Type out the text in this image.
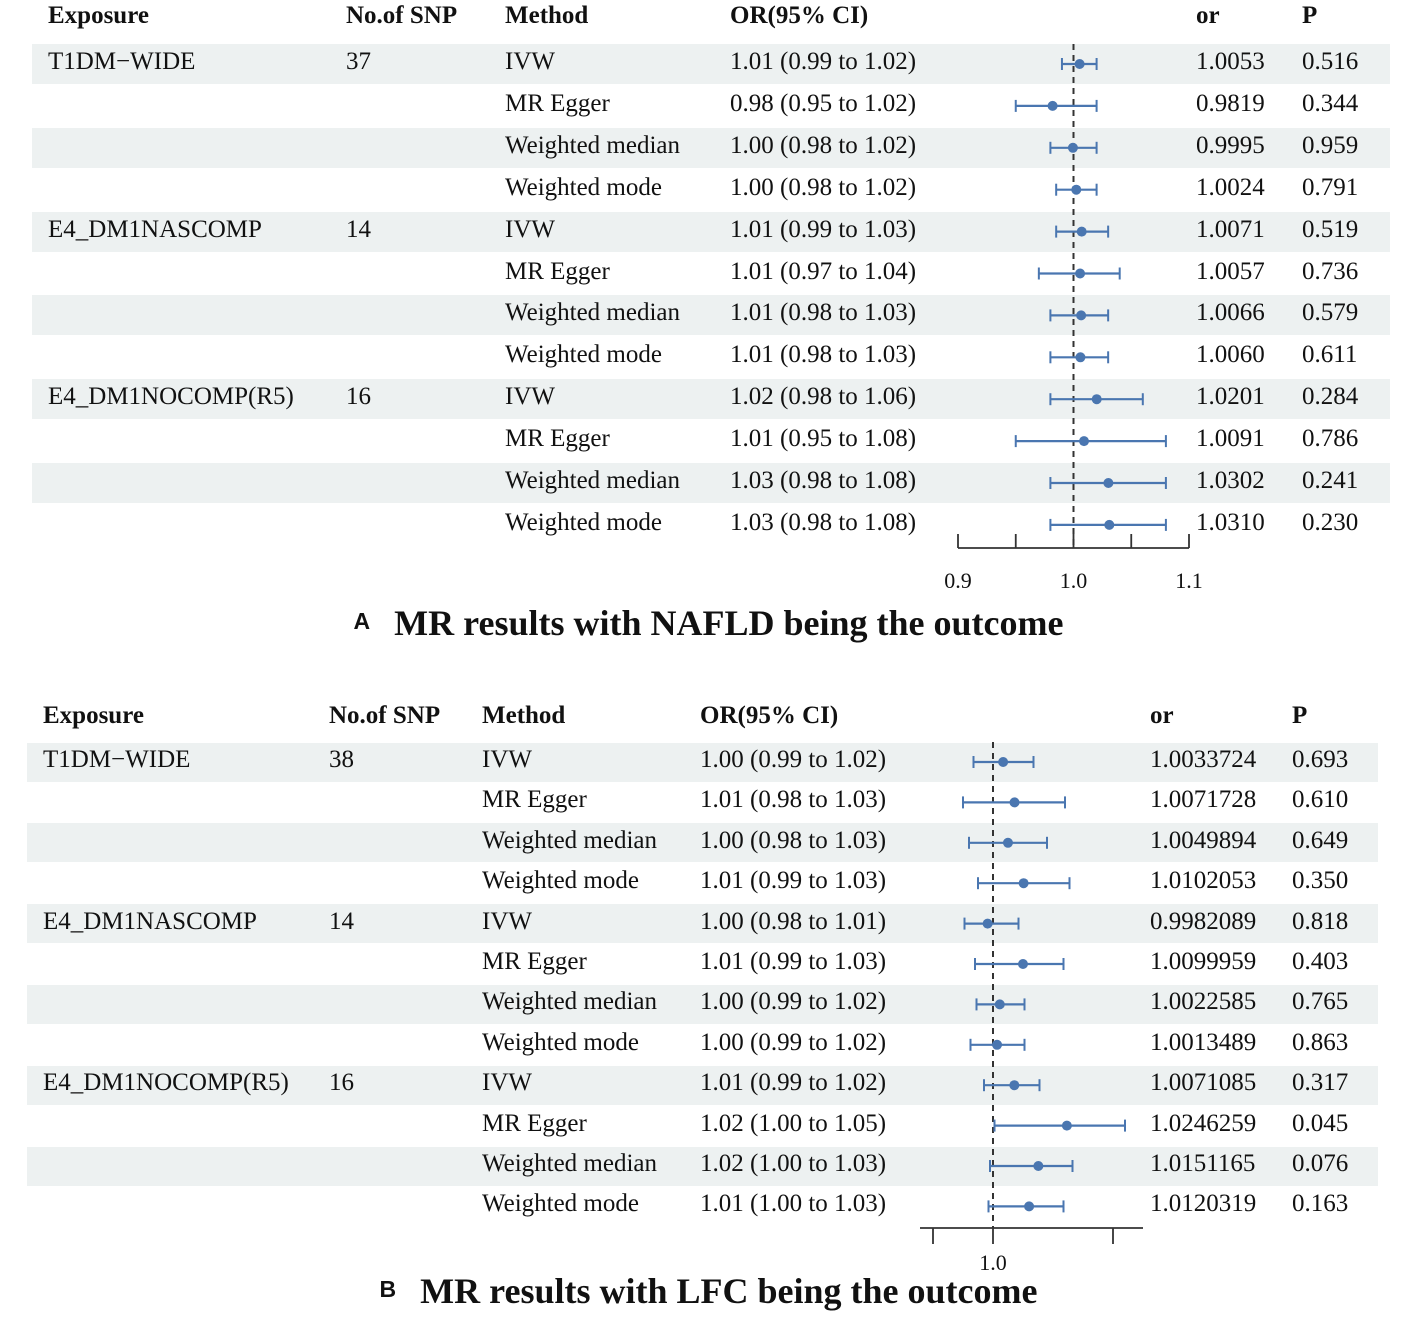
Exposure	No.of SNP Method	OR(95% CI)	or	P
T1DM−WIDE	37	IVW	1.01 (0.99 to 1.02)	1.0053 0.516
MR Egger	0.98 (0.95 to 1.02)	0.9819 0.344
Weighted median 1.00 (0.98 to 1.02)	0.9995 0.959
Weighted mode	1.00 (0.98 to 1.02)	1.0024 0.791
E4_DM1NASCOMP	14	IVW	1.01 (0.99 to 1.03)	1.0071 0.519
MR Egger	1.01 (0.97 to 1.04)	1.0057 0.736
Weighted median 1.01 (0.98 to 1.03)	1.0066 0.579
Weighted mode	1.01 (0.98 to 1.03)	1.0060 0.611
E4_DM1NOCOMP(R5) 16	IVW	1.02 (0.98 to 1.06)	1.0201 0.284
MR Egger	1.01 (0.95 to 1.08)	1.0091 0.786
Weighted median 1.03 (0.98 to 1.08)	1.0302 0.241
Weighted mode	1.03 (0.98 to 1.08)	1.0310 0.230
0.9	1.0	1.1
A MR results with NAFLD being the outcome
Exposure	No.of SNP Method	OR(95% CI)	or	P
T1DM−WIDE	38	IVW	1.00 (0.99 to 1.02)	1.0033724 0.693
MR Egger	1.01 (0.98 to 1.03)	1.0071728 0.610
Weighted median 1.00 (0.98 to 1.03)	1.0049894 0.649
Weighted mode 1.01 (0.99 to 1.03)	1.0102053 0.350
E4_DM1NASCOMP	14	IVW	1.00 (0.98 to 1.01)	0.9982089 0.818
MR Egger	1.01 (0.99 to 1.03)	1.0099959 0.403
Weighted median 1.00 (0.99 to 1.02)	1.0022585 0.765
Weighted mode 1.00 (0.99 to 1.02)	1.0013489 0.863
E4_DM1NOCOMP(R5) 16	IVW	1.01 (0.99 to 1.02)	1.0071085 0.317
MR Egger	1.02 (1.00 to 1.05)	1.0246259 0.045
Weighted median 1.02 (1.00 to 1.03)	1.0151165 0.076
Weighted mode 1.01 (1.00 to 1.03)	1.0120319 0.163
1.0
B MR results with LFC being the outcome
